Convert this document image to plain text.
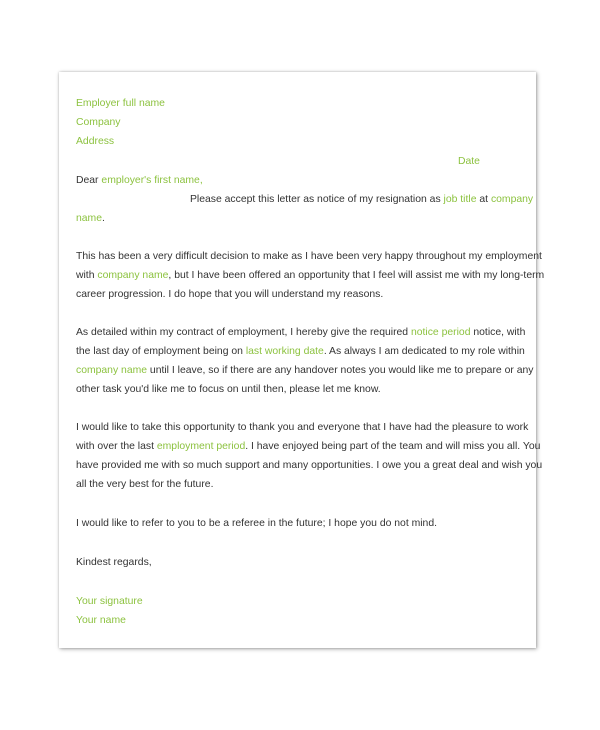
Employer full name
Company
Address
Date
Dear employer's first name,
Please accept this letter as notice of my resignation as job title at company
name.
This has been a very difficult decision to make as I have been very happy throughout my employment
with company name, but I have been offered an opportunity that I feel will assist me with my long-term
career progression. I do hope that you will understand my reasons.
As detailed within my contract of employment, I hereby give the required notice period notice, with
the last day of employment being on last working date. As always I am dedicated to my role within
company name until I leave, so if there are any handover notes you would like me to prepare or any
other task you'd like me to focus on until then, please let me know.
I would like to take this opportunity to thank you and everyone that I have had the pleasure to work
with over the last employment period. I have enjoyed being part of the team and will miss you all. You
have provided me with so much support and many opportunities. I owe you a great deal and wish you
all the very best for the future.
I would like to refer to you to be a referee in the future; I hope you do not mind.
Kindest regards,
Your signature
Your name
